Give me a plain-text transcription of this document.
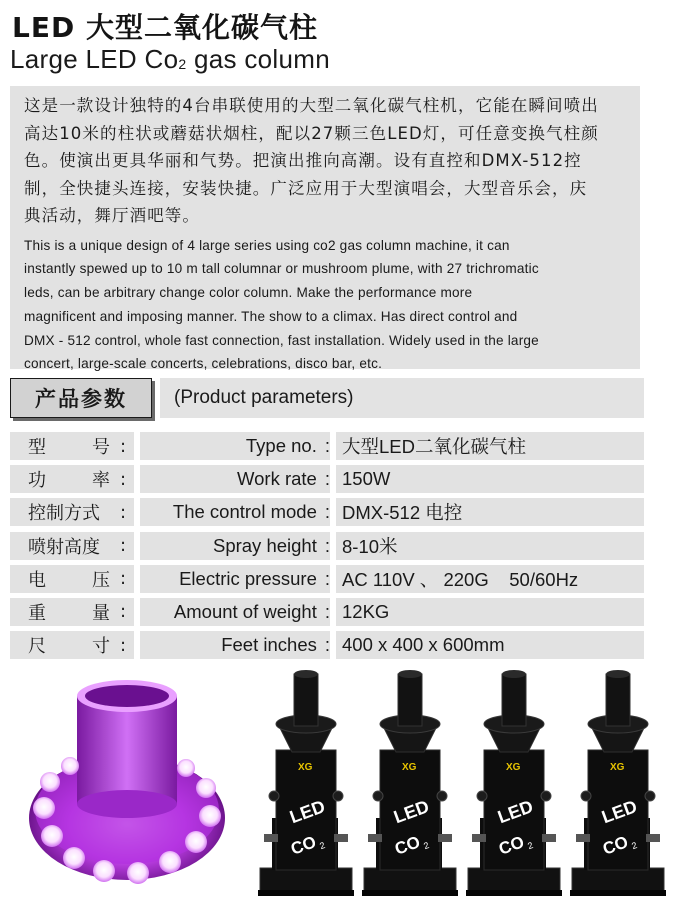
LED 大型二氧化碳气柱
Large LED $Co_2$ gas column
这是一款设计独特的4台串联使用的大型二氧化碳气柱机，它能在瞬间喷出
高达10米的柱状或蘑菇状烟柱，配以27颗三色LED灯，可任意变换气柱颜
色。使演出更具华丽和气势。把演出推向高潮。设有直控和DMX-512控
制，全快捷头连接，安装快捷。广泛应用于大型演唱会，大型音乐会，庆
典活动，舞厅酒吧等。
This is a unique design of 4 large series using co2 gas column machine, it can
instantly spewed up to 10 m tall columnar or mushroom plume, with 27 trichromatic
leds, can be arbitrary change color column. Make the performance more
magnificent and imposing manner. The show to a climax. Has direct control and
DMX - 512 control, whole fast connection, fast installation. Widely used in the large
concert, large-scale concerts, celebrations, disco bar, etc.
产品参数	(Product parameters)
型	号 :	Type no. : 大型LED二氧化碳气柱
功	率 :	Work rate : 150W
控制方式 :	The control mode : DMX-512 电控
喷射高度 :	Spray height : 8-10米
电	压 :	Electric pressure : AC 110V 、 220G    50/60Hz
重	量 :	Amount of weight : 12KG
尺	寸 :	Feet inches : 400 x 400 x 600mm
XG
LED
CO 2
XG
LED
CO 2
XG
LED
CO 2
XG
LED
CO 2
